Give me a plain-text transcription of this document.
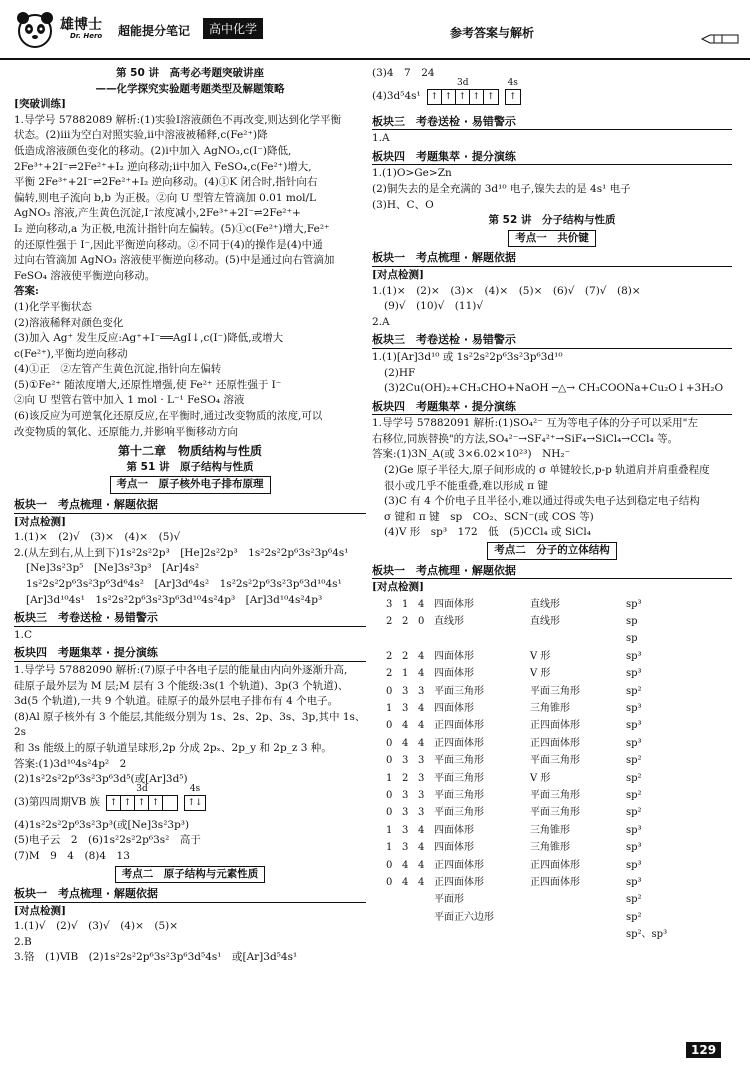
雄博士
Dr. Hero 超能提分笔记	高中化学	参考答案与解析

第 50 讲　高考必考题突破讲座

——化学探究实验题考题类型及解题策略

[突破训练]

1.导学号 57882089 解析:(1)实验Ⅰ溶液颜色不再改变,则达到化学平衡

状态。(2)ⅲ为空白对照实验,ⅱ中溶液被稀释,c(Fe²⁺)降

低造成溶液颜色变化的移动。(2)ⅰ中加入 AgNO₃,c(I⁻)降低,

2Fe³⁺+2I⁻⇌2Fe²⁺+I₂ 逆向移动;ⅱ中加入 FeSO₄,c(Fe²⁺)增大,

平衡 2Fe³⁺+2I⁻⇌2Fe²⁺+I₂ 逆向移动。(4)①K 闭合时,指针向右

偏转,则电子流向 b,b 为正极。②向 U 型管左管滴加 0.01 mol/L

AgNO₃ 溶液,产生黄色沉淀,I⁻浓度减小,2Fe³⁺+2I⁻⇌2Fe²⁺+

I₂ 逆向移动,a 为正极,电流计指针向左偏转。(5)①c(Fe²⁺)增大,Fe²⁺

的还原性强于 I⁻,因此平衡逆向移动。②不同于(4)的操作是(4)中通

过向右管滴加 AgNO₃ 溶液使平衡逆向移动。(5)中是通过向右管滴加

FeSO₄ 溶液使平衡逆向移动。

答案:

(1)化学平衡状态

(2)溶液稀释对颜色变化

(3)加入 Ag⁺ 发生反应:Ag⁺+I⁻══AgI↓,c(I⁻)降低,或增大

c(Fe²⁺),平衡均逆向移动

(4)①正　②左管产生黄色沉淀,指针向左偏转

(5)①Fe²⁺ 随浓度增大,还原性增强,使 Fe²⁺ 还原性强于 I⁻

②向 U 型管右管中加入 1 mol · L⁻¹ FeSO₄ 溶液

(6)该反应为可逆氧化还原反应,在平衡时,通过改变物质的浓度,可以

改变物质的氧化、还原能力,并影响平衡移动方向

第十二章　物质结构与性质

第 51 讲　原子结构与性质

考点一　原子核外电子排布原理

板块一　考点梳理 · 解题依据

[对点检测]

1.(1)×　(2)√　(3)×　(4)×　(5)√

2.(从左到右,从上到下)1s²2s²2p³　[He]2s²2p³　1s²2s²2p⁶3s²3p⁶4s¹

[Ne]3s²3p⁵　[Ne]3s²3p³　[Ar]4s²

1s²2s²2p⁶3s²3p⁶3d⁶4s²　[Ar]3d⁶4s²　1s²2s²2p⁶3s²3p⁶3d¹⁰4s¹

[Ar]3d¹⁰4s¹　1s²2s²2p⁶3s²3p⁶3d¹⁰4s²4p³　[Ar]3d¹⁰4s²4p³

板块三　考卷送检 · 易错警示

1.C

板块四　考题集萃 · 提分演练

1.导学号 57882090 解析:(7)原子中各电子层的能量由内向外逐渐升高,

硅原子最外层为 M 层;M 层有 3 个能级:3s(1 个轨道)、3p(3 个轨道)、

3d(5 个轨道),一共 9 个轨道。硅原子的最外层电子排布有 4 个电子。

(8)Al 原子核外有 3 个能层,其能级分别为 1s、2s、2p、3s、3p,其中 1s、2s

和 3s 能级上的原子轨道呈球形,2p 分成 2pₓ、2p_y 和 2p_z 3 种。

答案:(1)3d¹⁰4s²4p²　2

(2)1s²2s²2p⁶3s²3p⁶3d⁵(或[Ar]3d⁵)

(3)第四周期ⅤB 族
3d
↑ ↑ ↑ ↑
4s
↑↓

(4)1s²2s²2p⁶3s²3p³(或[Ne]3s²3p³)

(5)电子云　2　(6)1s²2s²2p⁶3s²　高于

(7)M　9　4　(8)4　13

考点二　原子结构与元素性质

板块一　考点梳理 · 解题依据

[对点检测]

1.(1)√　(2)√　(3)√　(4)×　(5)×

2.B

3.铬　(1)ⅥB　(2)1s²2s²2p⁶3s²3p⁶3d⁵4s¹　或[Ar]3d⁵4s¹

(3)4　7　24

(4)3d⁵4s¹
3d
↑ ↑ ↑ ↑ ↑
4s
↑

板块三　考卷送检 · 易错警示

1.A

板块四　考题集萃 · 提分演练

1.(1)O>Ge>Zn

(2)铜失去的是全充满的 3d¹⁰ 电子,镍失去的是 4s¹ 电子

(3)H、C、O

第 52 讲　分子结构与性质

考点一　共价键

板块一　考点梳理 · 解题依据

[对点检测]

1.(1)×　(2)×　(3)×　(4)×　(5)×　(6)√　(7)√　(8)×

(9)√　(10)√　(11)√

2.A

板块三　考卷送检 · 易错警示

1.(1)[Ar]3d¹⁰ 或 1s²2s²2p⁶3s²3p⁶3d¹⁰

(2)HF

(3)2Cu(OH)₂+CH₃CHO+NaOH ─△→ CH₃COONa+Cu₂O↓+3H₂O

板块四　考题集萃 · 提分演练

1.导学号 57882091 解析:(1)SO₄²⁻ 互为等电子体的分子可以采用"左

右移位,同族替换"的方法,SO₄²⁻→SF₄²⁺→SiF₄→SiCl₄→CCl₄ 等。

答案:(1)3N_A(或 3×6.02×10²³)　NH₂⁻

(2)Ge 原子半径大,原子间形成的 σ 单键较长,p-p 轨道肩并肩重叠程度

很小或几乎不能重叠,难以形成 π 键

(3)C 有 4 个价电子且半径小,难以通过得或失电子达到稳定电子结构

σ 键和 π 键　sp　CO₂、SCN⁻(或 COS 等)

(4)V 形　sp³　172　低　(5)CCl₄ 或 SiCl₄

考点二　分子的立体结构

板块一　考点梳理 · 解题依据

[对点检测]

3	1	4	四面体形	直线形	sp³
2	2	0	直线形	直线形	sp
					sp
2	2	4	四面体形	V 形	sp³
2	1	4	四面体形	V 形	sp³
0	3	3	平面三角形	平面三角形	sp²
1	3	4	四面体形	三角锥形	sp³
0	4	4	正四面体形	正四面体形	sp³
0	4	4	正四面体形	正四面体形	sp³
0	3	3	平面三角形	平面三角形	sp²
1	2	3	平面三角形	V 形	sp²
0	3	3	平面三角形	平面三角形	sp²
0	3	3	平面三角形	平面三角形	sp²
1	3	4	四面体形	三角锥形	sp³
1	3	4	四面体形	三角锥形	sp³
0	4	4	正四面体形	正四面体形	sp³
0	4	4	正四面体形	正四面体形	sp³
			平面形		sp²
			平面正六边形		sp²
					sp²、sp³
129
